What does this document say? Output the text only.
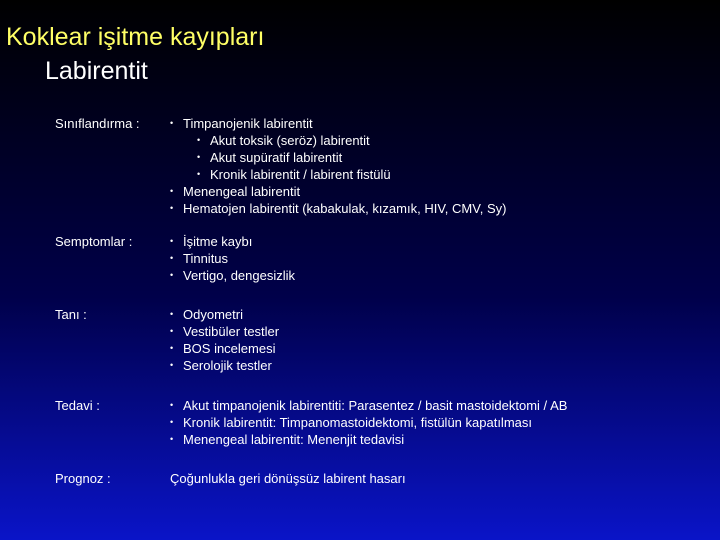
Koklear işitme kayıpları
Labirentit
Sınıflandırma :	• Timpanojenik labirentit
• Akut toksik (seröz) labirentit
• Akut supüratif labirentit
• Kronik labirentit / labirent fistülü
• Menengeal labirentit
• Hematojen labirentit (kabakulak, kızamık, HIV, CMV, Sy)
Semptomlar :	• İşitme kaybı
• Tinnitus
• Vertigo, dengesizlik
Tanı :	• Odyometri
• Vestibüler testler
• BOS incelemesi
• Serolojik testler
Tedavi :	• Akut timpanojenik labirentiti: Parasentez / basit mastoidektomi / AB
• Kronik labirentit: Timpanomastoidektomi, fistülün kapatılması
• Menengeal labirentit: Menenjit tedavisi
Prognoz :	Çoğunlukla geri dönüşsüz labirent hasarı
